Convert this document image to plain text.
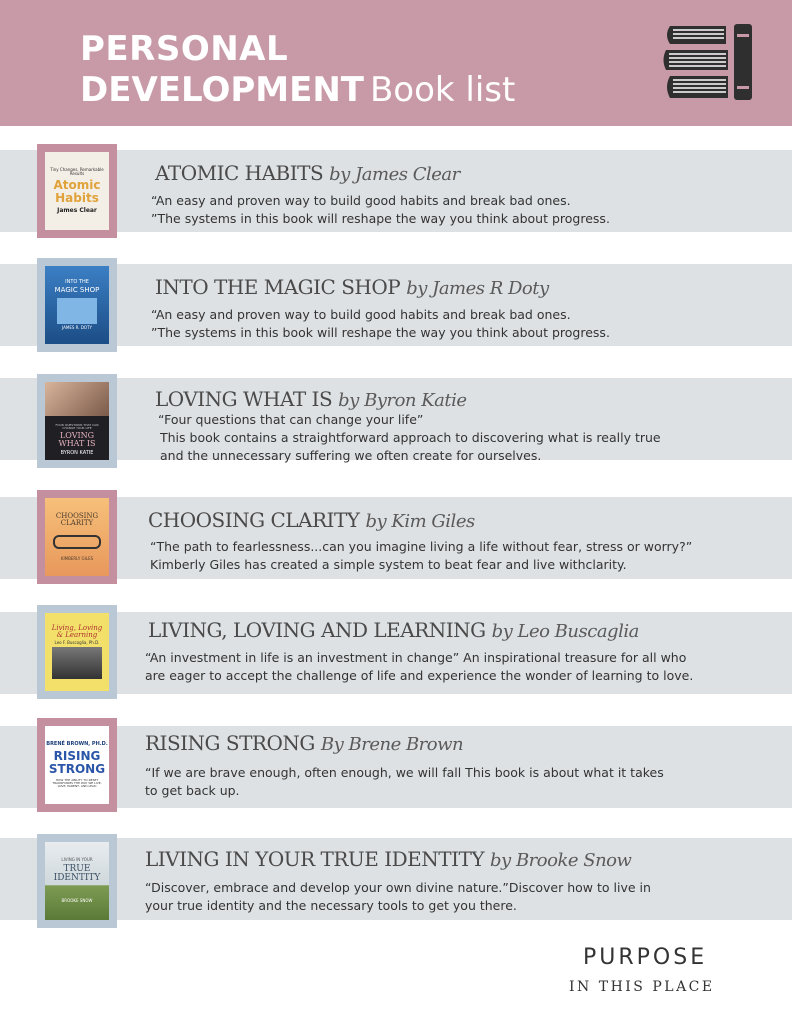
PERSONAL
DEVELOPMENT Book list
Tiny Changes, Remarkable Results
Atomic Habits
James Clear
ATOMIC HABITS by James Clear
“An easy and proven way to build good habits and break bad ones.
”The systems in this book will reshape the way you think about progress.
INTO THE
MAGIC SHOP
JAMES R. DOTY
INTO THE MAGIC SHOP by James R Doty
“An easy and proven way to build good habits and break bad ones.
”The systems in this book will reshape the way you think about progress.
FOUR QUESTIONS THAT CAN CHANGE YOUR LIFE
LOVING WHAT IS
BYRON KATIE
LOVING WHAT IS by Byron Katie
“Four questions that can change your life”
This book contains a straightforward approach to discovering what is really true
and the unnecessary suffering we often create for ourselves.
CHOOSING CLARITY
KIMBERLY GILES
CHOOSING CLARITY by Kim Giles
“The path to fearlessness...can you imagine living a life without fear, stress or worry?”
Kimberly Giles has created a simple system to beat fear and live withclarity.
Living, Loving & Learning
Leo F. Buscaglia, Ph.D.
LIVING, LOVING AND LEARNING by Leo Buscaglia
“An investment in life is an investment in change” An inspirational treasure for all who
are eager to accept the challenge of life and experience the wonder of learning to love.
BRENÉ BROWN, PH.D.
RISING STRONG
HOW THE ABILITY TO RESET TRANSFORMS THE WAY WE LIVE, LOVE, PARENT, AND LEAD
RISING STRONG By Brene Brown
“If we are brave enough, often enough, we will fall This book is about what it takes
to get back up.
LIVING IN YOUR
TRUE IDENTITY
BROOKE SNOW
LIVING IN YOUR TRUE IDENTITY by Brooke Snow
“Discover, embrace and develop your own divine nature.”Discover how to live in
your true identity and the necessary tools to get you there.
PURPOSE
IN THIS PLACE
